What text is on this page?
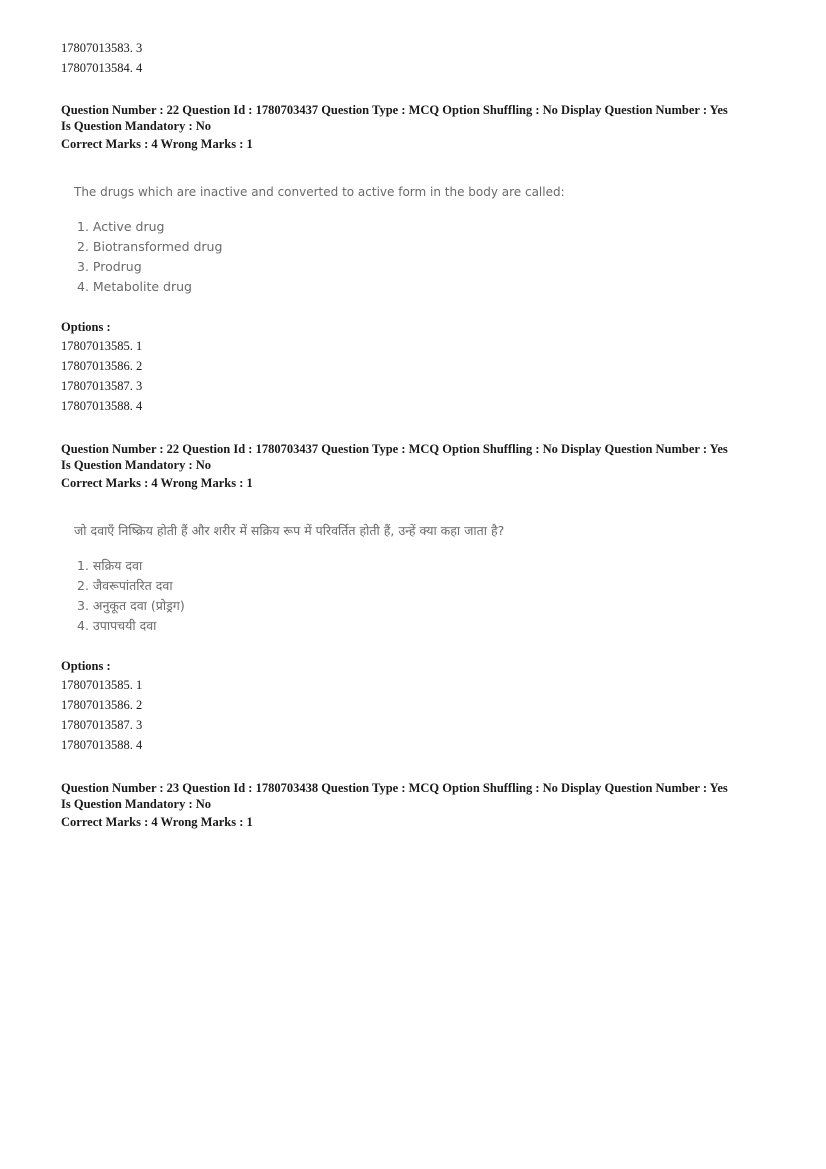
17807013583. 3
17807013584. 4
Question Number : 22 Question Id : 1780703437 Question Type : MCQ Option Shuffling : No Display Question Number : Yes
Is Question Mandatory : No
Correct Marks : 4 Wrong Marks : 1
The drugs which are inactive and converted to active form in the body are called:
1. Active drug
2. Biotransformed drug
3. Prodrug
4. Metabolite drug
Options :
17807013585. 1
17807013586. 2
17807013587. 3
17807013588. 4
Question Number : 22 Question Id : 1780703437 Question Type : MCQ Option Shuffling : No Display Question Number : Yes
Is Question Mandatory : No
Correct Marks : 4 Wrong Marks : 1
जो दवाएँ निष्क्रिय होती हैं और शरीर में सक्रिय रूप में परिवर्तित होती हैं, उन्हें क्या कहा जाता है?
1. सक्रिय दवा
2. जैवरूपांतरित दवा
3. अनुकूत दवा (प्रोड्रग)
4. उपापचयी दवा
Options :
17807013585. 1
17807013586. 2
17807013587. 3
17807013588. 4
Question Number : 23 Question Id : 1780703438 Question Type : MCQ Option Shuffling : No Display Question Number : Yes
Is Question Mandatory : No
Correct Marks : 4 Wrong Marks : 1
